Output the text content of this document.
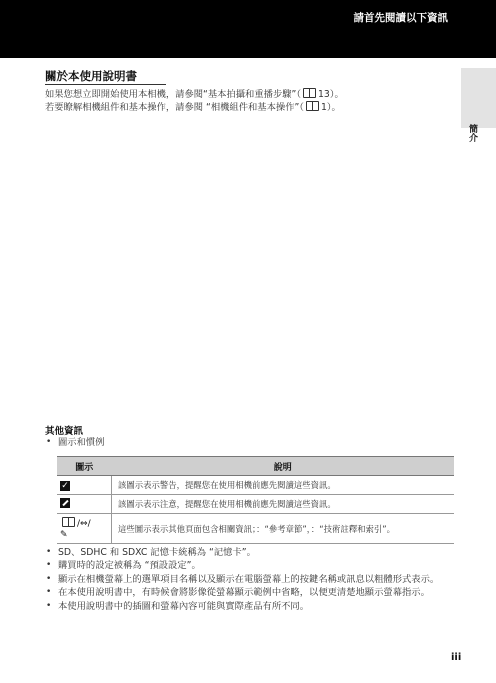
請首先閱讀以下資訊
簡介
關於本使用說明書
如果您想立即開始使用本相機，請參閱“基本拍攝和重播步驟”（ 13）。
若要瞭解相機組件和基本操作，請參閱 “相機組件和基本操作”（ 1）。
其他資訊
• 圖示和慣例
圖示	說明
✓	該圖示表示警告，提醒您在使用相機前應先閱讀這些資訊。
	該圖示表示注意，提醒您在使用相機前應先閱讀這些資訊。
/⇔/
✎	這些圖示表示其他頁面包含相關資訊；：“參考章節”，：“技術註釋和索引”。
• SD、SDHC 和 SDXC 記憶卡統稱為 “記憶卡”。
• 購買時的設定被稱為 “預設設定”。
• 顯示在相機螢幕上的選單項目名稱以及顯示在電腦螢幕上的按鍵名稱或訊息以粗體形式表示。
• 在本使用說明書中，有時候會將影像從螢幕顯示範例中省略，以便更清楚地顯示螢幕指示。
• 本使用說明書中的插圖和螢幕內容可能與實際產品有所不同。
iii
